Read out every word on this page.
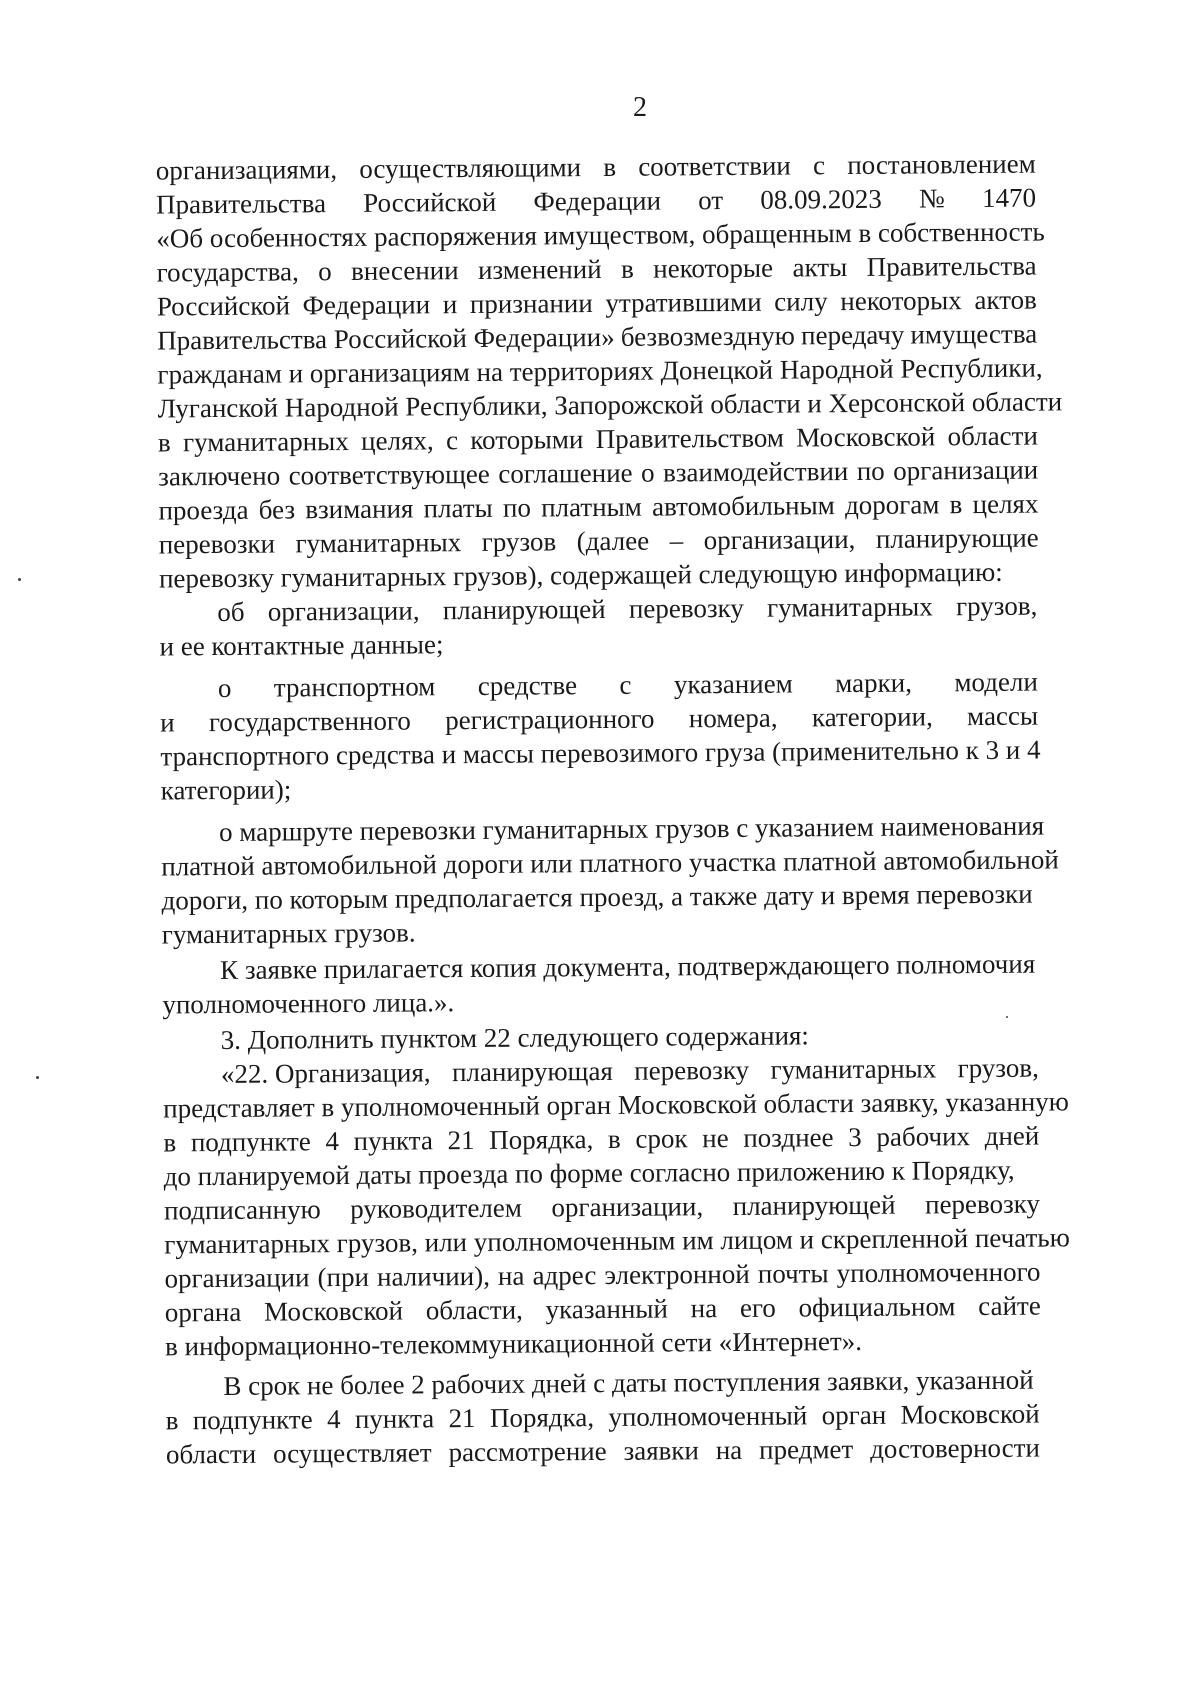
2
организациями, осуществляющими в соответствии с постановлением
Правительства Российской Федерации от 08.09.2023 № 1470
«Об особенностях распоряжения имуществом, обращенным в собственность
государства, о внесении изменений в некоторые акты Правительства
Российской Федерации и признании утратившими силу некоторых актов
Правительства Российской Федерации» безвозмездную передачу имущества
гражданам и организациям на территориях Донецкой Народной Республики,
Луганской Народной Республики, Запорожской области и Херсонской области
в гуманитарных целях, с которыми Правительством Московской области
заключено соответствующее соглашение о взаимодействии по организации
проезда без взимания платы по платным автомобильным дорогам в целях
перевозки гуманитарных грузов (далее – организации, планирующие
перевозку гуманитарных грузов), содержащей следующую информацию:
об организации, планирующей перевозку гуманитарных грузов,
и ее контактные данные;
о транспортном средстве с указанием марки, модели
и государственного регистрационного номера, категории, массы
транспортного средства и массы перевозимого груза (применительно к 3 и 4
категории);
о маршруте перевозки гуманитарных грузов с указанием наименования
платной автомобильной дороги или платного участка платной автомобильной
дороги, по которым предполагается проезд, а также дату и время перевозки
гуманитарных грузов.
К заявке прилагается копия документа, подтверждающего полномочия
уполномоченного лица.».
3. Дополнить пунктом 22 следующего содержания:
«22. Организация, планирующая перевозку гуманитарных грузов,
представляет в уполномоченный орган Московской области заявку, указанную
в подпункте 4 пункта 21 Порядка, в срок не позднее 3 рабочих дней
до планируемой даты проезда по форме согласно приложению к Порядку,
подписанную руководителем организации, планирующей перевозку
гуманитарных грузов, или уполномоченным им лицом и скрепленной печатью
организации (при наличии), на адрес электронной почты уполномоченного
органа Московской области, указанный на его официальном сайте
в информационно-телекоммуникационной сети «Интернет».
В срок не более 2 рабочих дней с даты поступления заявки, указанной
в подпункте 4 пункта 21 Порядка, уполномоченный орган Московской
области осуществляет рассмотрение заявки на предмет достоверности
